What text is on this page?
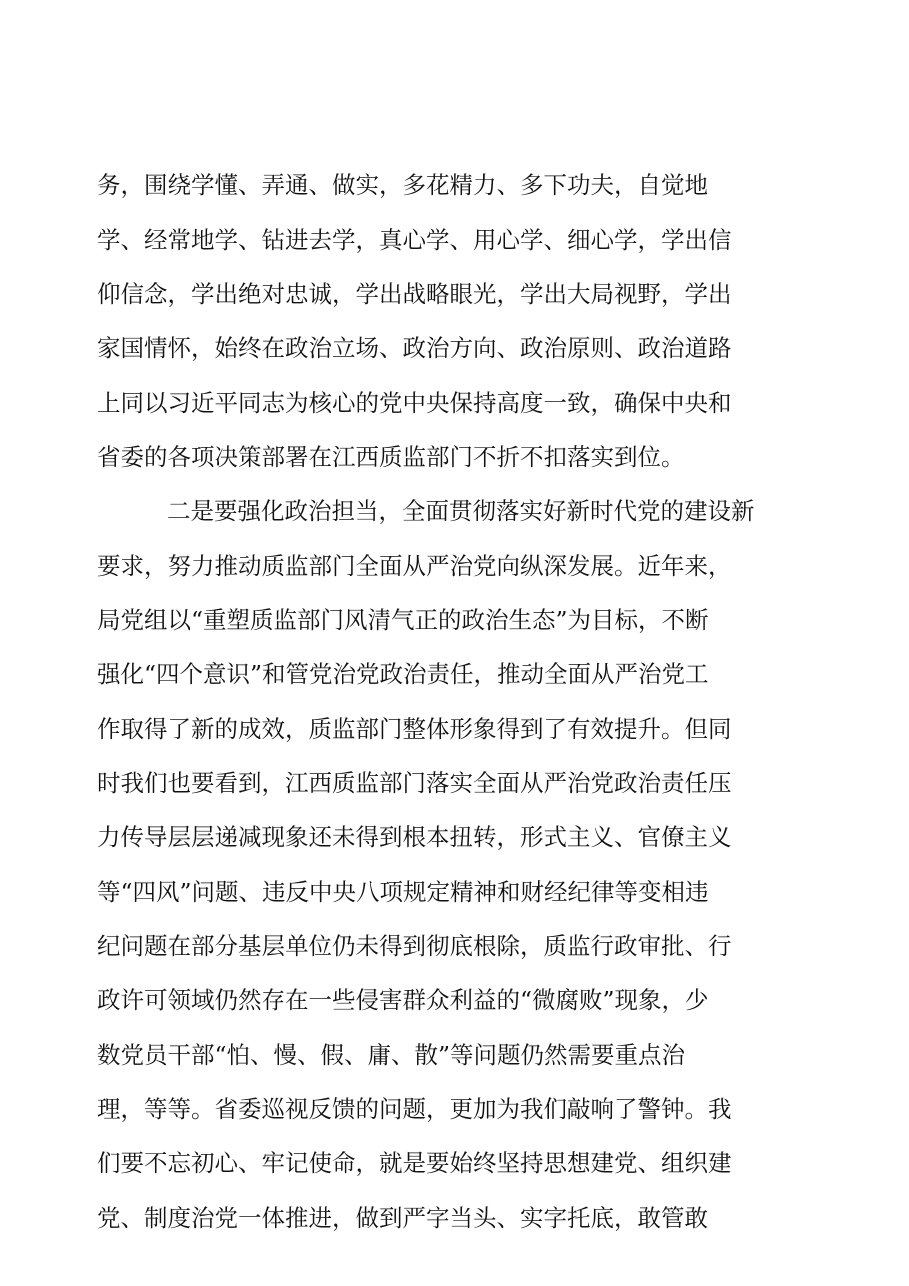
务，围绕学懂、弄通、做实，多花精力、多下功夫，自觉地
学、经常地学、钻进去学，真心学、用心学、细心学，学出信
仰信念，学出绝对忠诚，学出战略眼光，学出大局视野，学出
家国情怀，始终在政治立场、政治方向、政治原则、政治道路
上同以习近平同志为核心的党中央保持高度一致，确保中央和
省委的各项决策部署在江西质监部门不折不扣落实到位。
二是要强化政治担当，全面贯彻落实好新时代党的建设新
要求，努力推动质监部门全面从严治党向纵深发展。近年来，
局党组以“重塑质监部门风清气正的政治生态”为目标，不断
强化“四个意识”和管党治党政治责任，推动全面从严治党工
作取得了新的成效，质监部门整体形象得到了有效提升。但同
时我们也要看到，江西质监部门落实全面从严治党政治责任压
力传导层层递减现象还未得到根本扭转，形式主义、官僚主义
等“四风”问题、违反中央八项规定精神和财经纪律等变相违
纪问题在部分基层单位仍未得到彻底根除，质监行政审批、行
政许可领域仍然存在一些侵害群众利益的“微腐败”现象，少
数党员干部“怕、慢、假、庸、散”等问题仍然需要重点治
理，等等。省委巡视反馈的问题，更加为我们敲响了警钟。我
们要不忘初心、牢记使命，就是要始终坚持思想建党、组织建
党、制度治党一体推进，做到严字当头、实字托底，敢管敢
